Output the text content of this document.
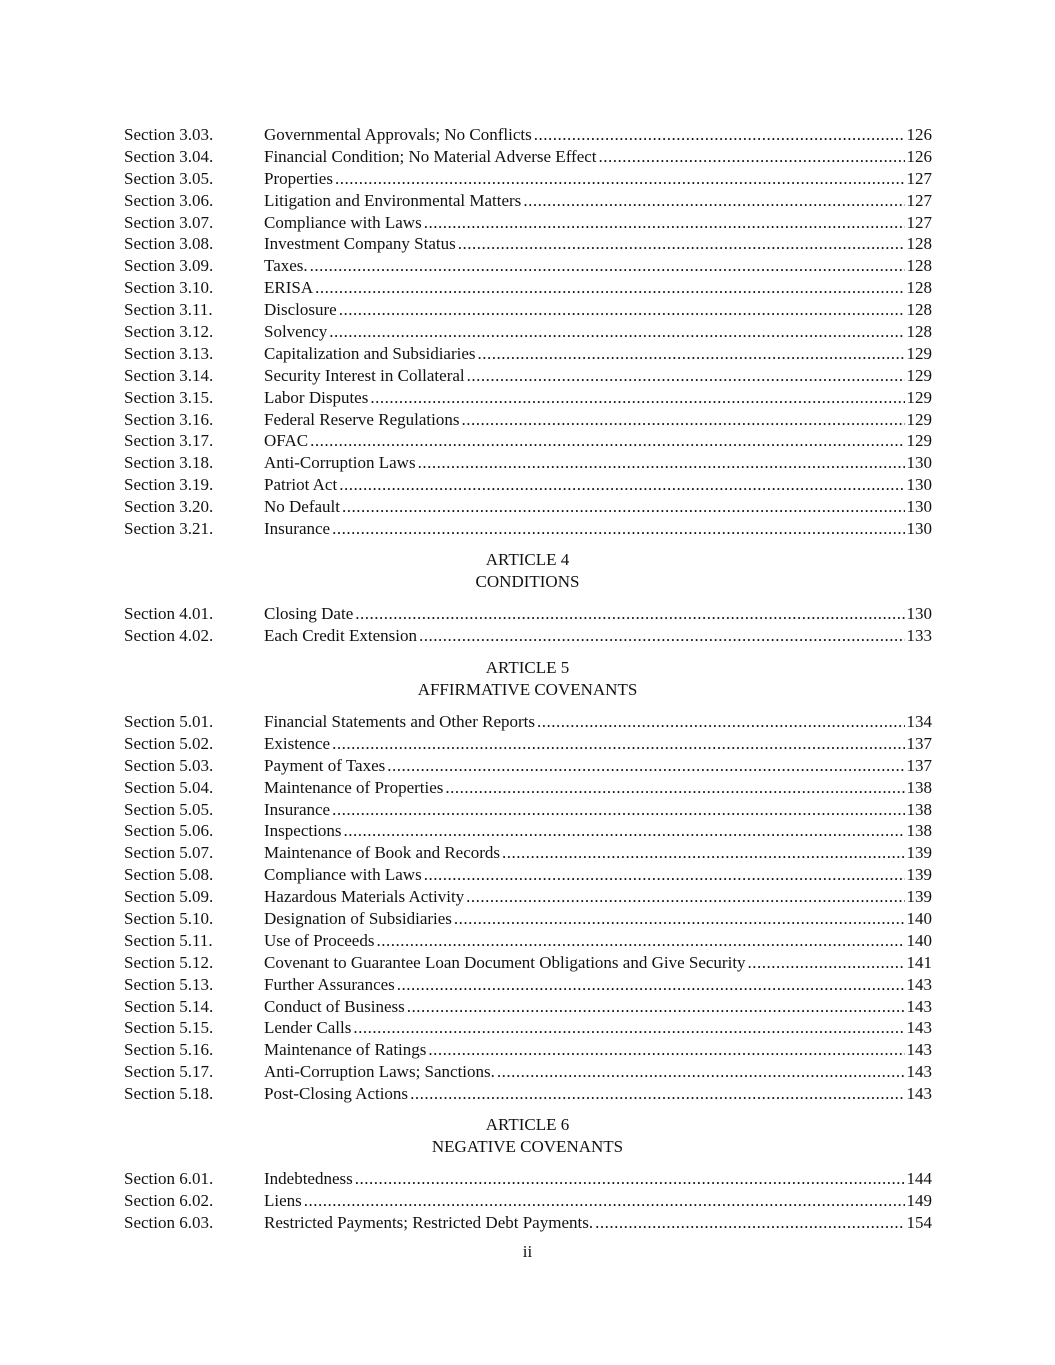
Section 3.03.	Governmental Approvals; No Conflicts .....	126
Section 3.04.	Financial Condition; No Material Adverse Effect .....	126
Section 3.05.	Properties .....	127
Section 3.06.	Litigation and Environmental Matters .....	127
Section 3.07.	Compliance with Laws .....	127
Section 3.08.	Investment Company Status .....	128
Section 3.09.	Taxes. .....	128
Section 3.10.	ERISA .....	128
Section 3.11.	Disclosure .....	128
Section 3.12.	Solvency .....	128
Section 3.13.	Capitalization and Subsidiaries .....	129
Section 3.14.	Security Interest in Collateral .....	129
Section 3.15.	Labor Disputes .....	129
Section 3.16.	Federal Reserve Regulations .....	129
Section 3.17.	OFAC .....	129
Section 3.18.	Anti-Corruption Laws .....	130
Section 3.19.	Patriot Act .....	130
Section 3.20.	No Default .....	130
Section 3.21.	Insurance .....	130
ARTICLE 4
CONDITIONS
Section 4.01.	Closing Date .....	130
Section 4.02.	Each Credit Extension .....	133
ARTICLE 5
AFFIRMATIVE COVENANTS
Section 5.01.	Financial Statements and Other Reports .....	134
Section 5.02.	Existence .....	137
Section 5.03.	Payment of Taxes .....	137
Section 5.04.	Maintenance of Properties .....	138
Section 5.05.	Insurance .....	138
Section 5.06.	Inspections .....	138
Section 5.07.	Maintenance of Book and Records .....	139
Section 5.08.	Compliance with Laws .....	139
Section 5.09.	Hazardous Materials Activity .....	139
Section 5.10.	Designation of Subsidiaries .....	140
Section 5.11.	Use of Proceeds .....	140
Section 5.12.	Covenant to Guarantee Loan Document Obligations and Give Security .....	141
Section 5.13.	Further Assurances .....	143
Section 5.14.	Conduct of Business .....	143
Section 5.15.	Lender Calls .....	143
Section 5.16.	Maintenance of Ratings .....	143
Section 5.17.	Anti-Corruption Laws; Sanctions. .....	143
Section 5.18.	Post-Closing Actions .....	143
ARTICLE 6
NEGATIVE COVENANTS
Section 6.01.	Indebtedness .....	144
Section 6.02.	Liens .....	149
Section 6.03.	Restricted Payments; Restricted Debt Payments. .....	154
ii
